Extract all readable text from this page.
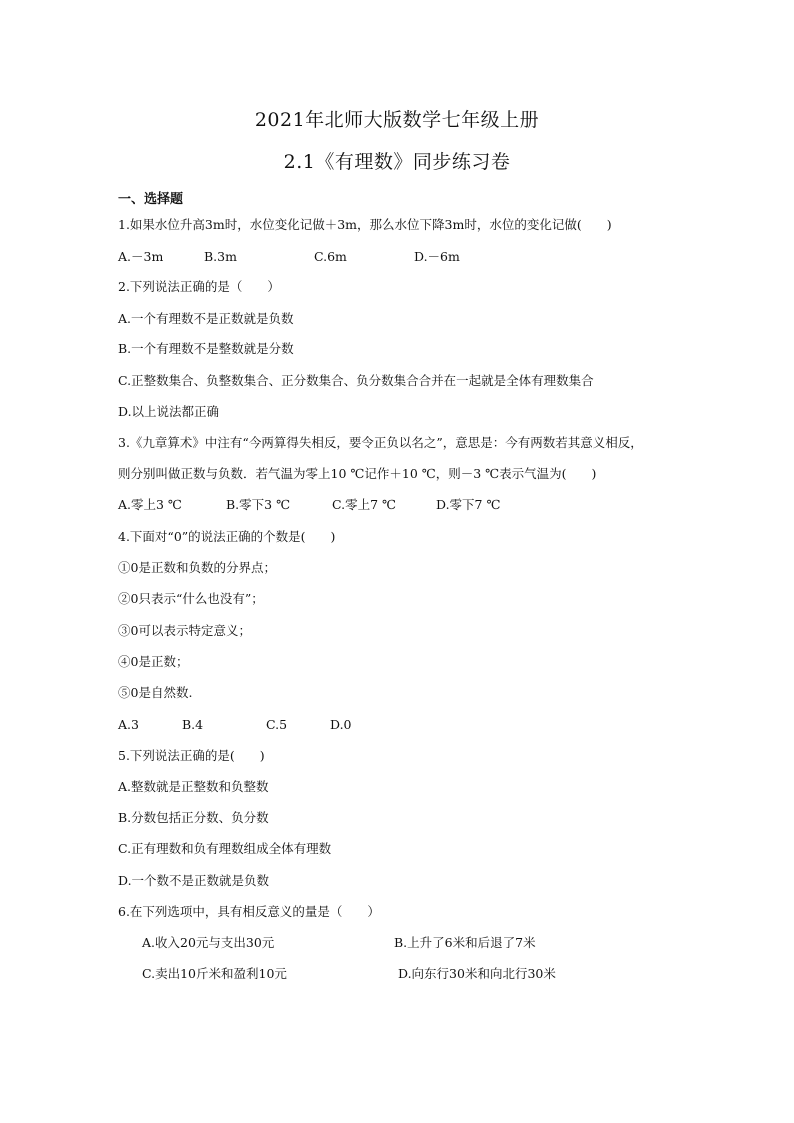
2021年北师大版数学七年级上册
2.1《有理数》同步练习卷
一、选择题
1.如果水位升高3m时，水位变化记做＋3m，那么水位下降3m时，水位的变化记做(　　)
A.－3m	B.3m	C.6m	D.－6m
2.下列说法正确的是（　　）
A.一个有理数不是正数就是负数
B.一个有理数不是整数就是分数
C.正整数集合、负整数集合、正分数集合、负分数集合合并在一起就是全体有理数集合
D.以上说法都正确
3.《九章算术》中注有“今两算得失相反，要令正负以名之”，意思是：今有两数若其意义相反，
则分别叫做正数与负数．若气温为零上10 ℃记作＋10 ℃，则－3 ℃表示气温为(　　)
A.零上3 ℃	B.零下3 ℃	C.零上7 ℃	D.零下7 ℃
4.下面对“0”的说法正确的个数是(　　)
①0是正数和负数的分界点；
②0只表示“什么也没有”；
③0可以表示特定意义；
④0是正数；
⑤0是自然数.
A.3	B.4	C.5	D.0
5.下列说法正确的是(　　)
A.整数就是正整数和负整数
B.分数包括正分数、负分数
C.正有理数和负有理数组成全体有理数
D.一个数不是正数就是负数
6.在下列选项中，具有相反意义的量是（　　）
A.收入20元与支出30元	B.上升了6米和后退了7米
C.卖出10斤米和盈利10元	D.向东行30米和向北行30米
